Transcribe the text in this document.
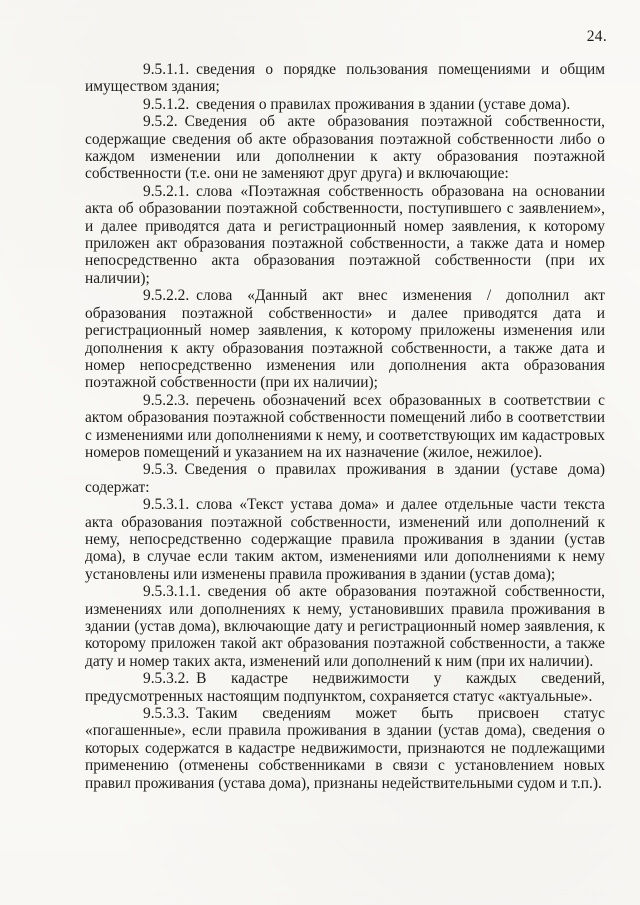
24.

9.5.1.1. сведения о порядке пользования помещениями и общим имуществом здания;

9.5.1.2. сведения о правилах проживания в здании (уставе дома).

9.5.2. Сведения об акте образования поэтажной собственности, содержащие сведения об акте образования поэтажной собственности либо о каждом изменении или дополнении к акту образования поэтажной собственности (т.е. они не заменяют друг друга) и включающие:

9.5.2.1. слова «Поэтажная собственность образована на основании акта об образовании поэтажной собственности, поступившего с заявлением», и далее приводятся дата и регистрационный номер заявления, к которому приложен акт образования поэтажной собственности, а также дата и номер непосредственно акта образования поэтажной собственности (при их наличии);

9.5.2.2. слова «Данный акт внес изменения / дополнил акт образования поэтажной собственности» и далее приводятся дата и регистрационный номер заявления, к которому приложены изменения или дополнения к акту образования поэтажной собственности, а также дата и номер непосредственно изменения или дополнения акта образования поэтажной собственности (при их наличии);

9.5.2.3. перечень обозначений всех образованных в соответствии с актом образования поэтажной собственности помещений либо в соответствии с изменениями или дополнениями к нему, и соответствующих им кадастровых номеров помещений и указанием на их назначение (жилое, нежилое).

9.5.3. Сведения о правилах проживания в здании (уставе дома) содержат:

9.5.3.1. слова «Текст устава дома» и далее отдельные части текста акта образования поэтажной собственности, изменений или дополнений к нему, непосредственно содержащие правила проживания в здании (устав дома), в случае если таким актом, изменениями или дополнениями к нему установлены или изменены правила проживания в здании (устав дома);

9.5.3.1.1. сведения об акте образования поэтажной собственности, изменениях или дополнениях к нему, установивших правила проживания в здании (устав дома), включающие дату и регистрационный номер заявления, к которому приложен такой акт образования поэтажной собственности, а также дату и номер таких акта, изменений или дополнений к ним (при их наличии).

9.5.3.2. В кадастре недвижимости у каждых сведений, предусмотренных настоящим подпунктом, сохраняется статус «актуальные».

9.5.3.3. Таким сведениям может быть присвоен статус «погашенные», если правила проживания в здании (устав дома), сведения о которых содержатся в кадастре недвижимости, признаются не подлежащими применению (отменены собственниками в связи с установлением новых правил проживания (устава дома), признаны недействительными судом и т.п.).
